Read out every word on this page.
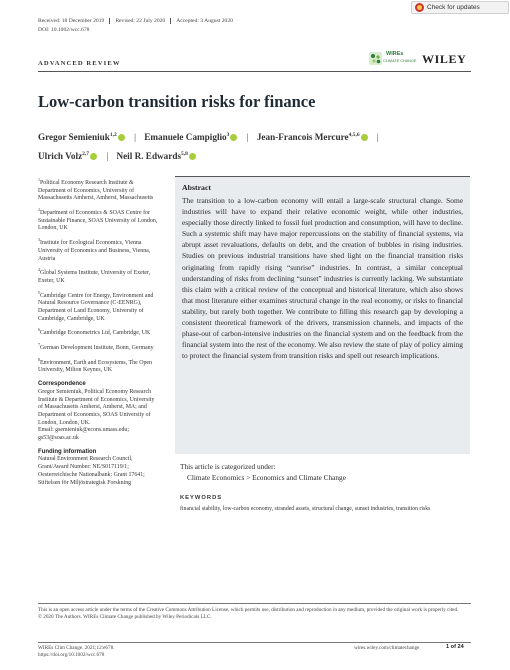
Check for updates
Received: 18 December 2019	Revised: 22 July 2020	Accepted: 3 August 2020
DOI: 10.1002/wcc.678
ADVANCED REVIEW
WIREs
CLIMATE CHANGE WILEY
Low-carbon transition risks for finance
Gregor Semieniuk$^{1,2}$ | Emanuele Campiglio$^3$ | Jean-Francois Mercure$^{4,5,6}$ |
Ulrich Volz$^{2,7}$ | Neil R. Edwards$^{5,8}$

$^1$Political Economy Research Institute & Department of Economics, University of Massachusetts Amherst, Amherst, Massachusetts

$^2$Department of Economics & SOAS Centre for Sustainable Finance, SOAS University of London, London, UK

$^3$Institute for Ecological Economics, Vienna University of Economics and Business, Vienna, Austria

$^4$Global Systems Institute, University of Exeter, Exeter, UK

$^5$Cambridge Centre for Energy, Environment and Natural Resource Governance (C-EENRG), Department of Land Economy, University of Cambridge, Cambridge, UK

$^6$Cambridge Econometrics Ltd, Cambridge, UK

$^7$German Development Institute, Bonn, Germany

$^8$Environment, Earth and Ecosystems, The Open University, Milton Keynes, UK

Correspondence

Gregor Semieniuk, Political Economy Research Institute & Department of Economics, University of Massachusetts Amherst, Amherst, MA; and Department of Economics, SOAS University of London, London, UK.

Email: gsemieniuk@econs.umass.edu; gs53@soas.ac.uk

Funding information

Natural Environment Research Council, Grant/Award Number: NE/S017119/1; Oesterreichische Nationalbank: Grant 17641; Stiftelsen för Miljöstrategisk Forskning

Abstract
The transition to a low-carbon economy will entail a large-scale structural change. Some industries will have to expand their relative economic weight, while other industries, especially those directly linked to fossil fuel production and consumption, will have to decline. Such a systemic shift may have major repercussions on the stability of financial systems, via abrupt asset revaluations, defaults on debt, and the creation of bubbles in rising industries. Studies on previous industrial transitions have shed light on the financial transition risks originating from rapidly rising “sunrise” industries. In contrast, a similar conceptual understanding of risks from declining “sunset” industries is currently lacking. We substantiate this claim with a critical review of the conceptual and historical literature, which also shows that most literature either examines structural change in the real economy, or risks to financial stability, but rarely both together. We contribute to filling this research gap by developing a consistent theoretical framework of the drivers, transmission channels, and impacts of the phase-out of carbon-intensive industries on the financial system and on the feedback from the financial system into the rest of the economy. We also review the state of play of policy aiming to protect the financial system from transition risks and spell out research implications.
This article is categorized under:
Climate Economics > Economics and Climate Change
KEYWORDS
financial stability, low-carbon economy, stranded assets, structural change, sunset industries, transition risks
This is an open access article under the terms of the Creative Commons Attribution License, which permits use, distribution and reproduction in any medium, provided the original work is properly cited.
© 2020 The Authors. WIREs Climate Change published by Wiley Periodicals LLC.
WIREs Clim Change. 2021;12:e678.
https://doi.org/10.1002/wcc.678
wires.wiley.com/climatechange	1 of 24
